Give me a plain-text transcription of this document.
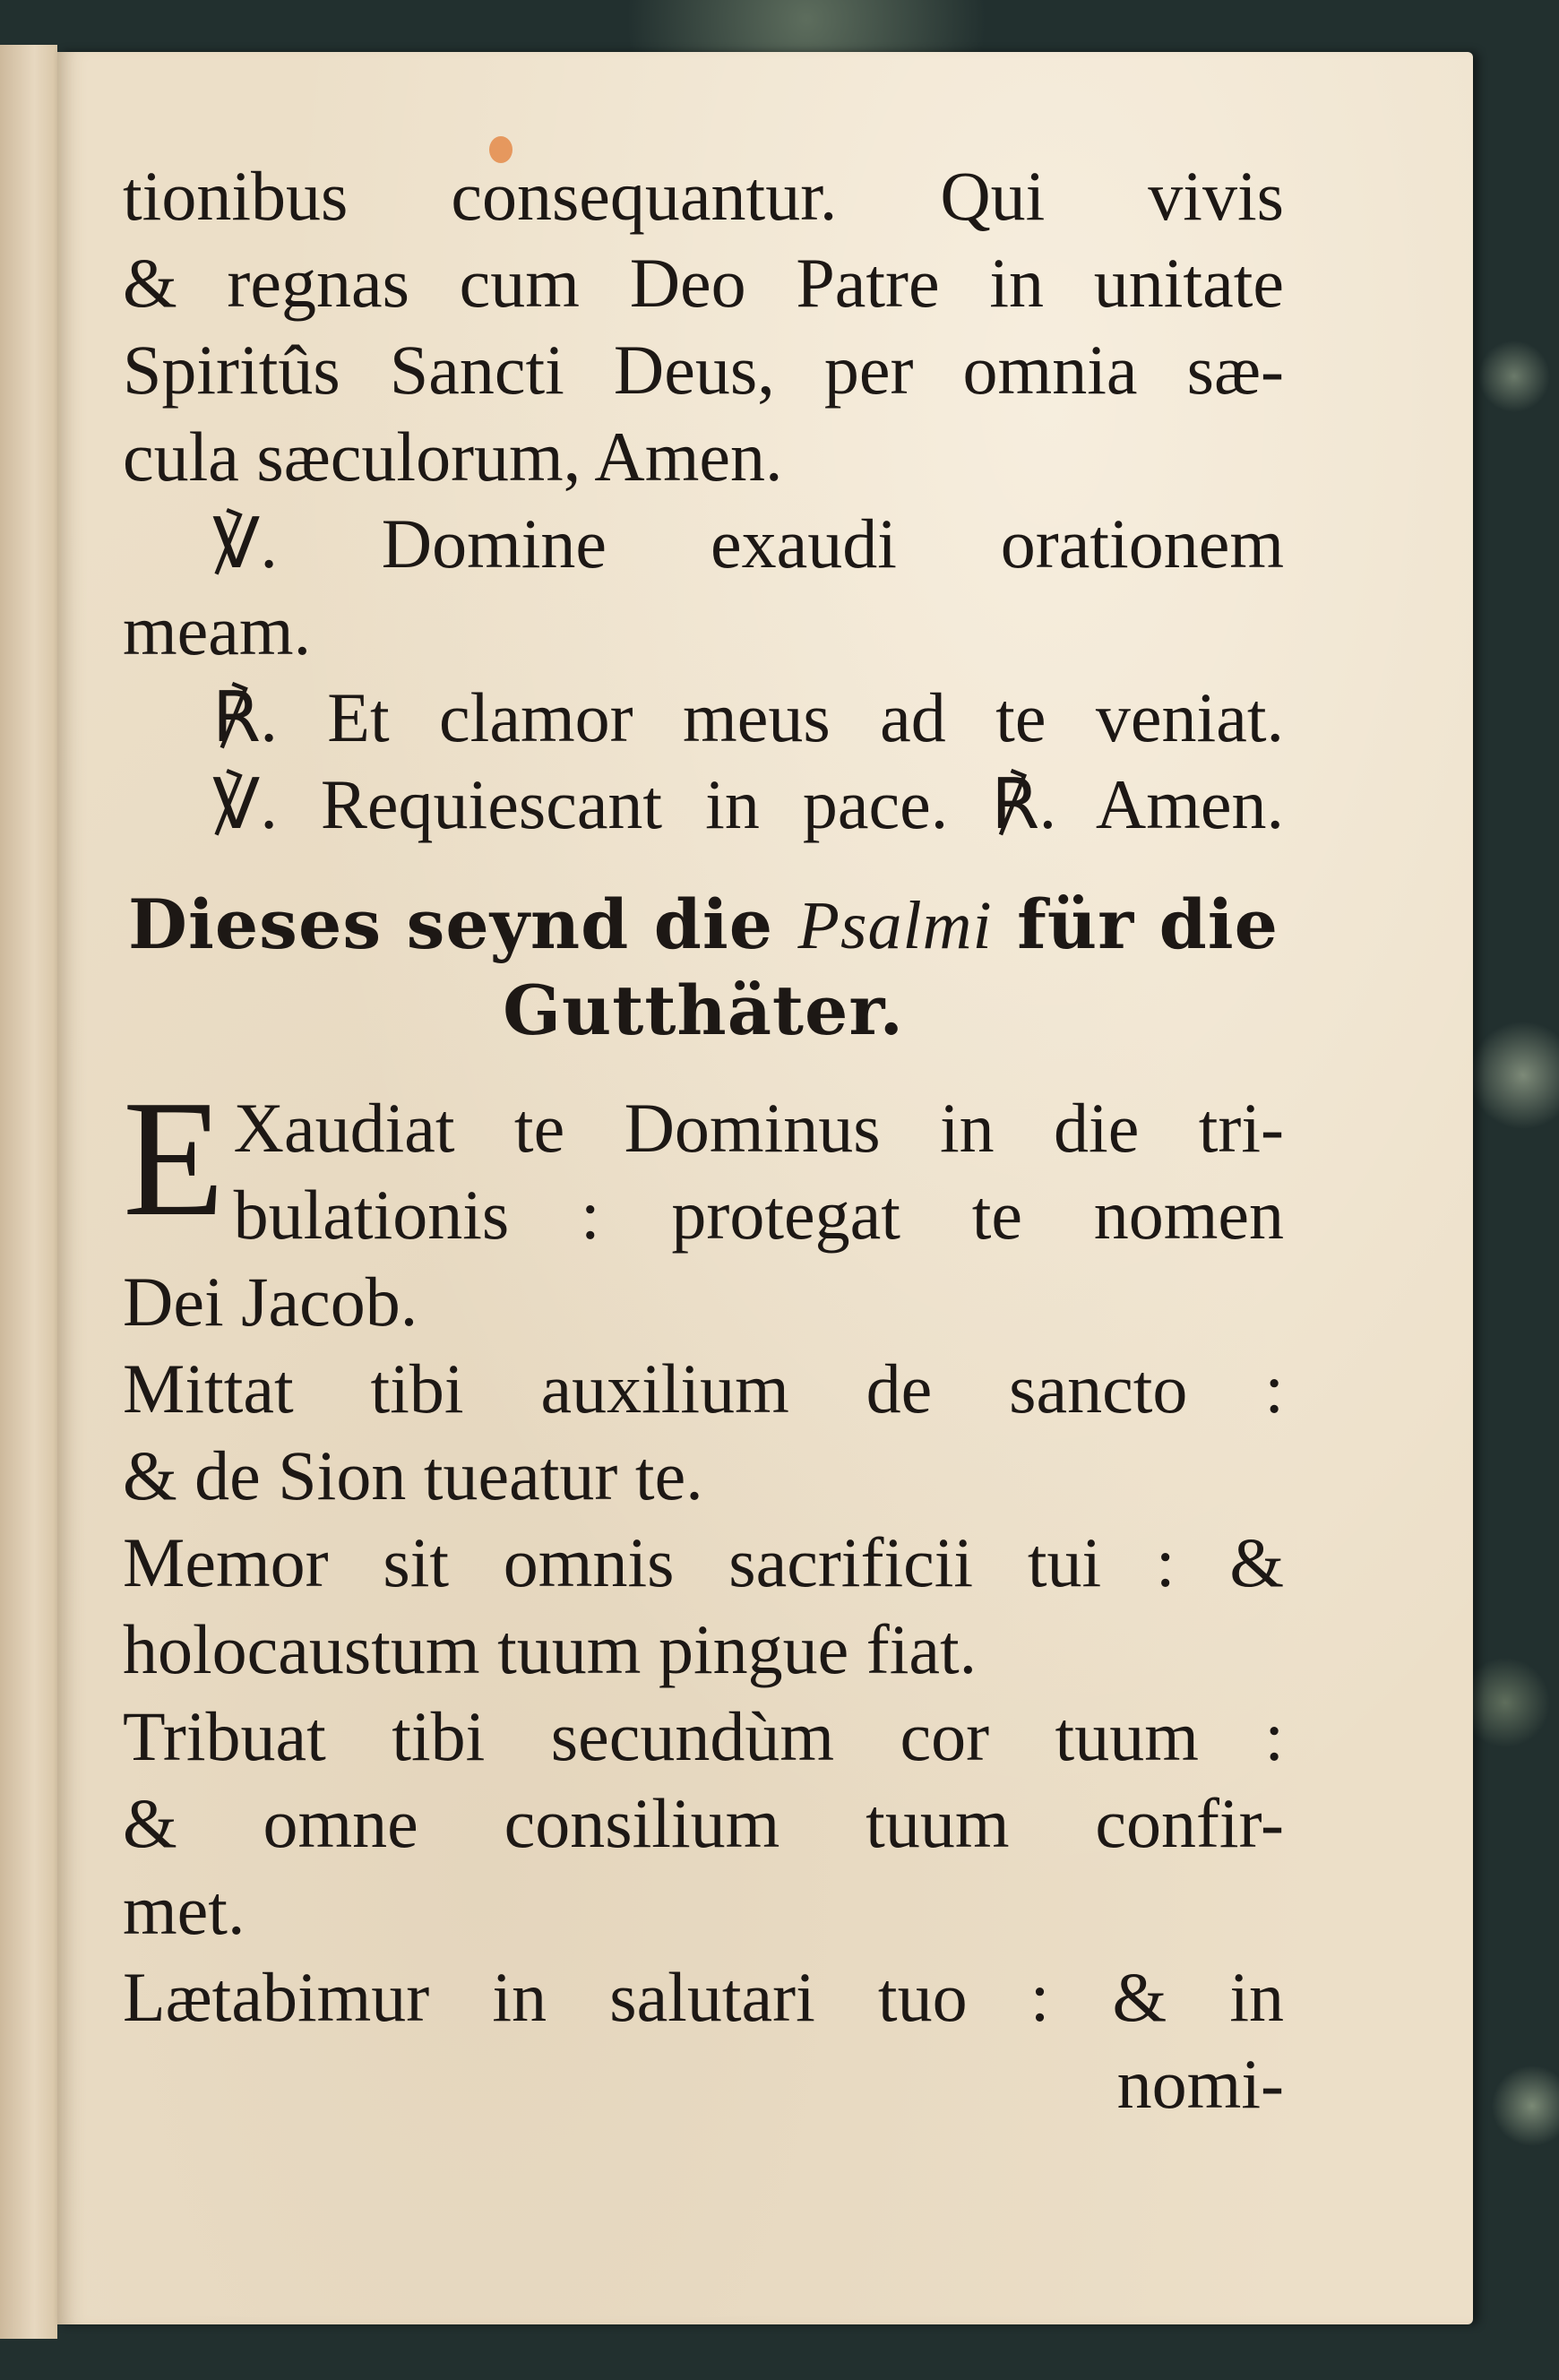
tionibus consequantur. Qui vivis
& regnas cum Deo Patre in unitate
Spiritûs Sancti Deus, per omnia sæ-
cula sæculorum, Amen.
℣. Domine exaudi orationem
meam.
℟. Et clamor meus ad te veniat.
℣. Requiescant in pace. ℟. Amen.
Dieses seynd die Psalmi für die
Gutthäter.
E Xaudiat te Dominus in die tri-
bulationis : protegat te nomen
Dei Jacob.
Mittat tibi auxilium de sancto :
& de Sion tueatur te.
Memor sit omnis sacrificii tui : &
holocaustum tuum pingue fiat.
Tribuat tibi secundùm cor tuum :
& omne consilium tuum confir-
met.
Lætabimur in salutari tuo : & in
nomi-
